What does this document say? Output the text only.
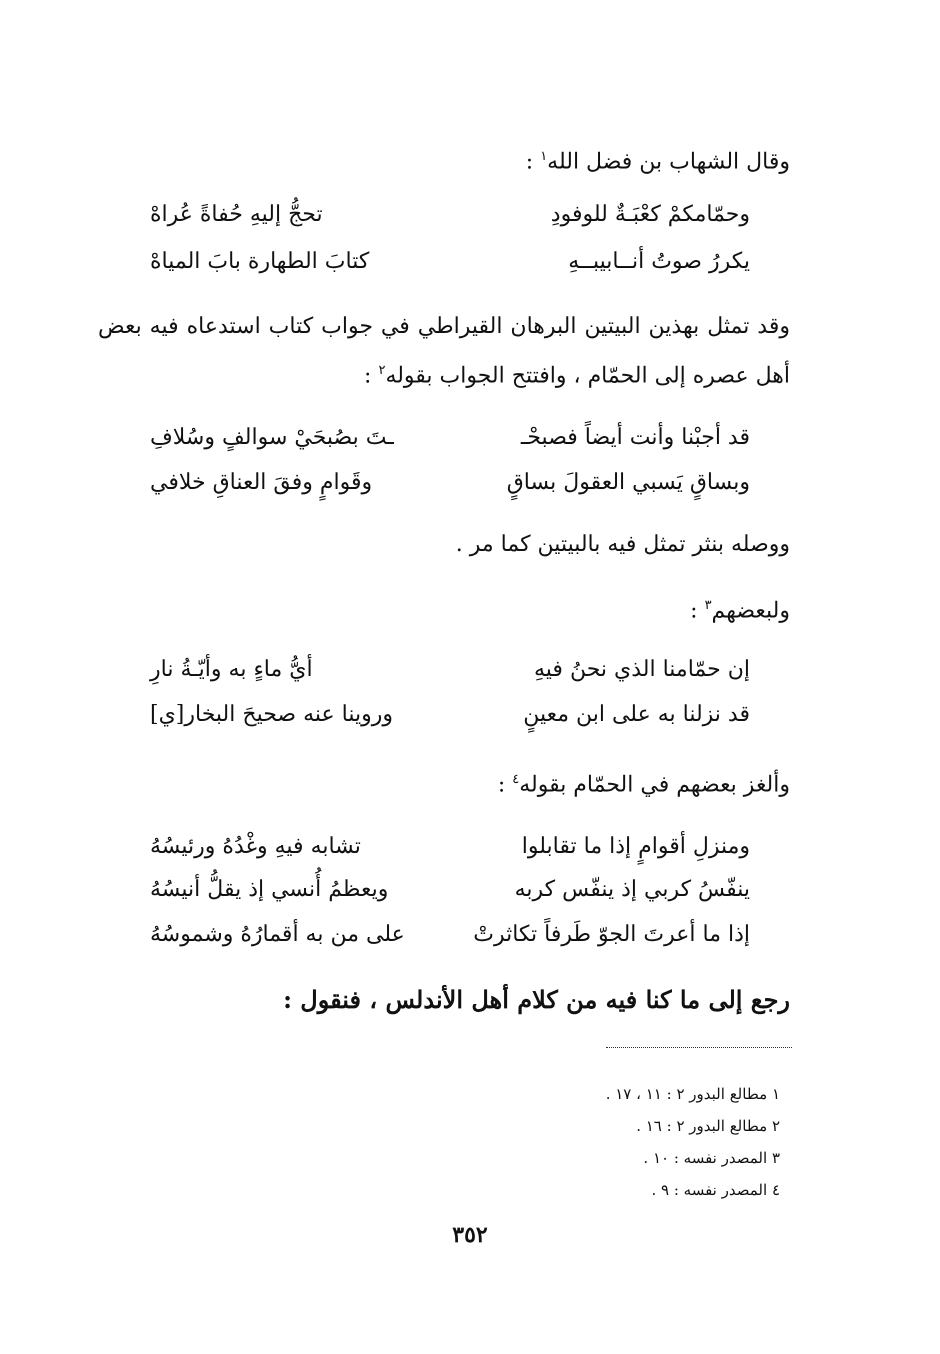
وقال الشهاب بن فضل الله$^١$ :
وحمّامكمْ كعْبَـةٌ للوفودِ
تحجُّ إليهِ حُفاةً عُراهْ
يكررُ صوتُ أنــابيبــهِ
كتابَ الطهارة بابَ المياهْ
وقد تمثل بهذين البيتين البرهان القيراطي في جواب كتاب استدعاه فيه بعض
أهل عصره إلى الحمّام ، وافتتح الجواب بقوله$^٢$ :
قد أجبْنا وأنت أيضاً فصبحْـ
ـتَ بصُبحَيْ سوالفٍ وسُلافِ
وبساقٍ يَسبي العقولَ بساقٍ
وقَوامٍ وفقَ العناقِ خلافي
ووصله بنثر تمثل فيه بالبيتين كما مر .
ولبعضهم$^٣$ :
إن حمّامنا الذي نحنُ فيهِ
أيُّ ماءٍ به وأيّـةُ نارِ
قد نزلنا به على ابن معينٍ
وروينا عنه صحيحَ البخار[ي]
وألغز بعضهم في الحمّام بقوله$^٤$ :
ومنزلِ أقوامٍ إذا ما تقابلوا
تشابه فيهِ وغْدُهُ ورئيسُهُ
ينفّسُ كربي إذ ينفّس كربه
ويعظمُ أُنسي إذ يقلُّ أنيسُهُ
إذا ما أعرتَ الجوّ طَرفاً تكاثرتْ
على من به أقمارُهُ وشموسُهُ
رجع إلى ما كنا فيه من كلام أهل الأندلس ، فنقول :
١ مطالع البدور ٢ : ١١ ، ١٧ .
٢ مطالع البدور ٢ : ١٦ .
٣ المصدر نفسه : ١٠ .
٤ المصدر نفسه : ٩ .
٣٥٢
